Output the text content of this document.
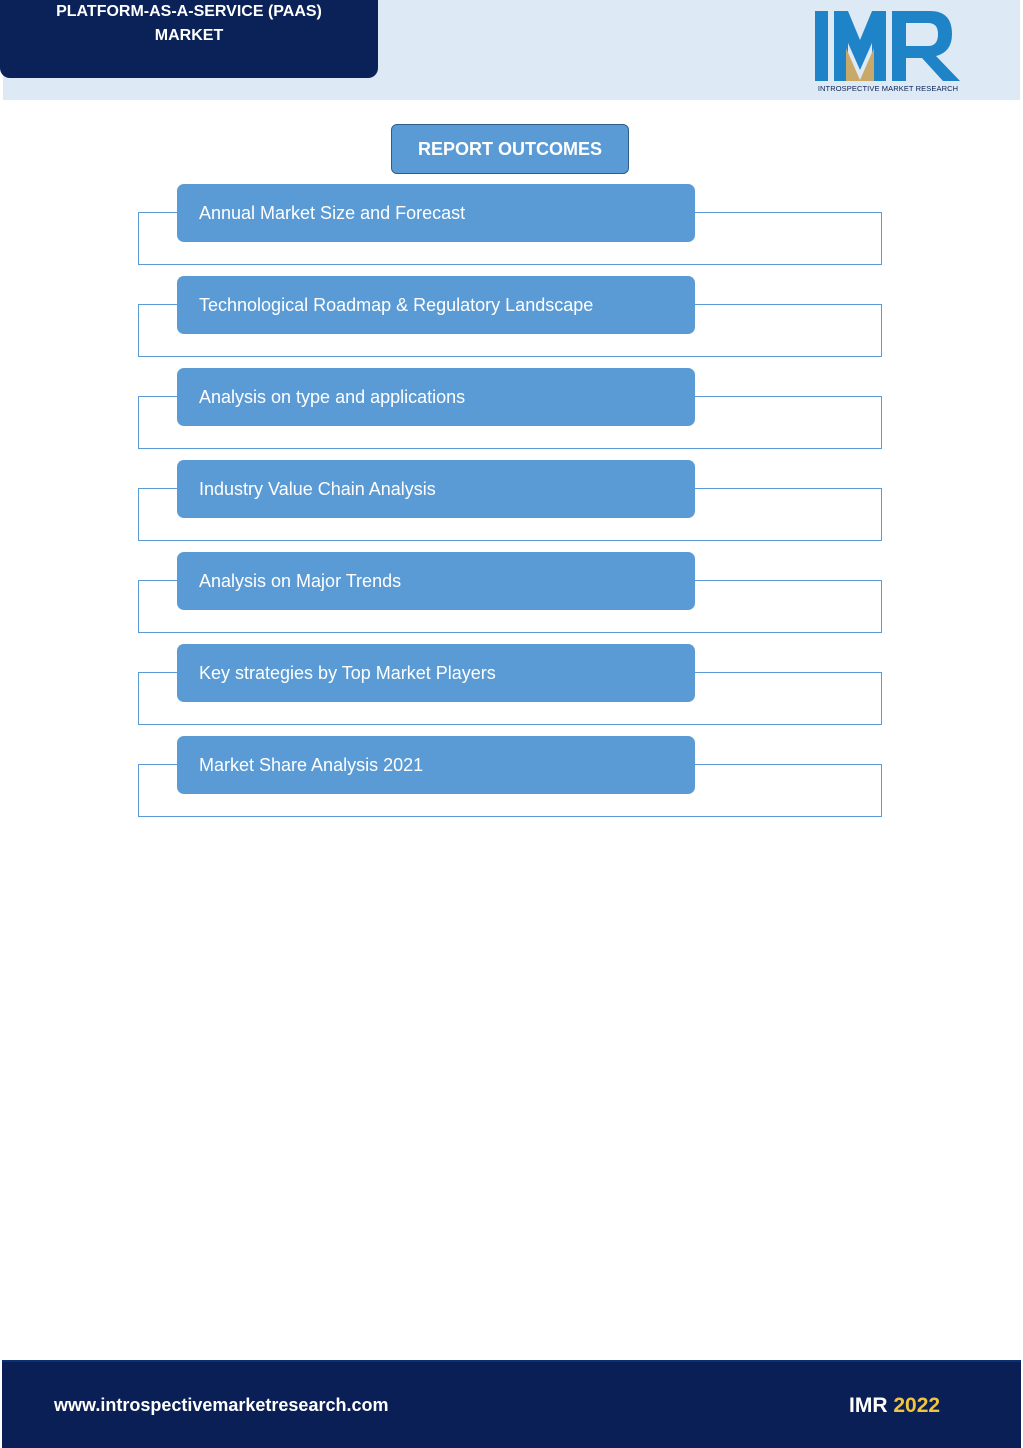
PLATFORM-AS-A-SERVICE (PAAS)
MARKET
INTROSPECTIVE MARKET RESEARCH
REPORT OUTCOMES
Annual Market Size and Forecast
Technological Roadmap & Regulatory Landscape
Analysis on type and applications
Industry Value Chain Analysis
Analysis on Major Trends
Key strategies by Top Market Players
Market Share Analysis 2021
www.introspectivemarketresearch.com	IMR 2022
